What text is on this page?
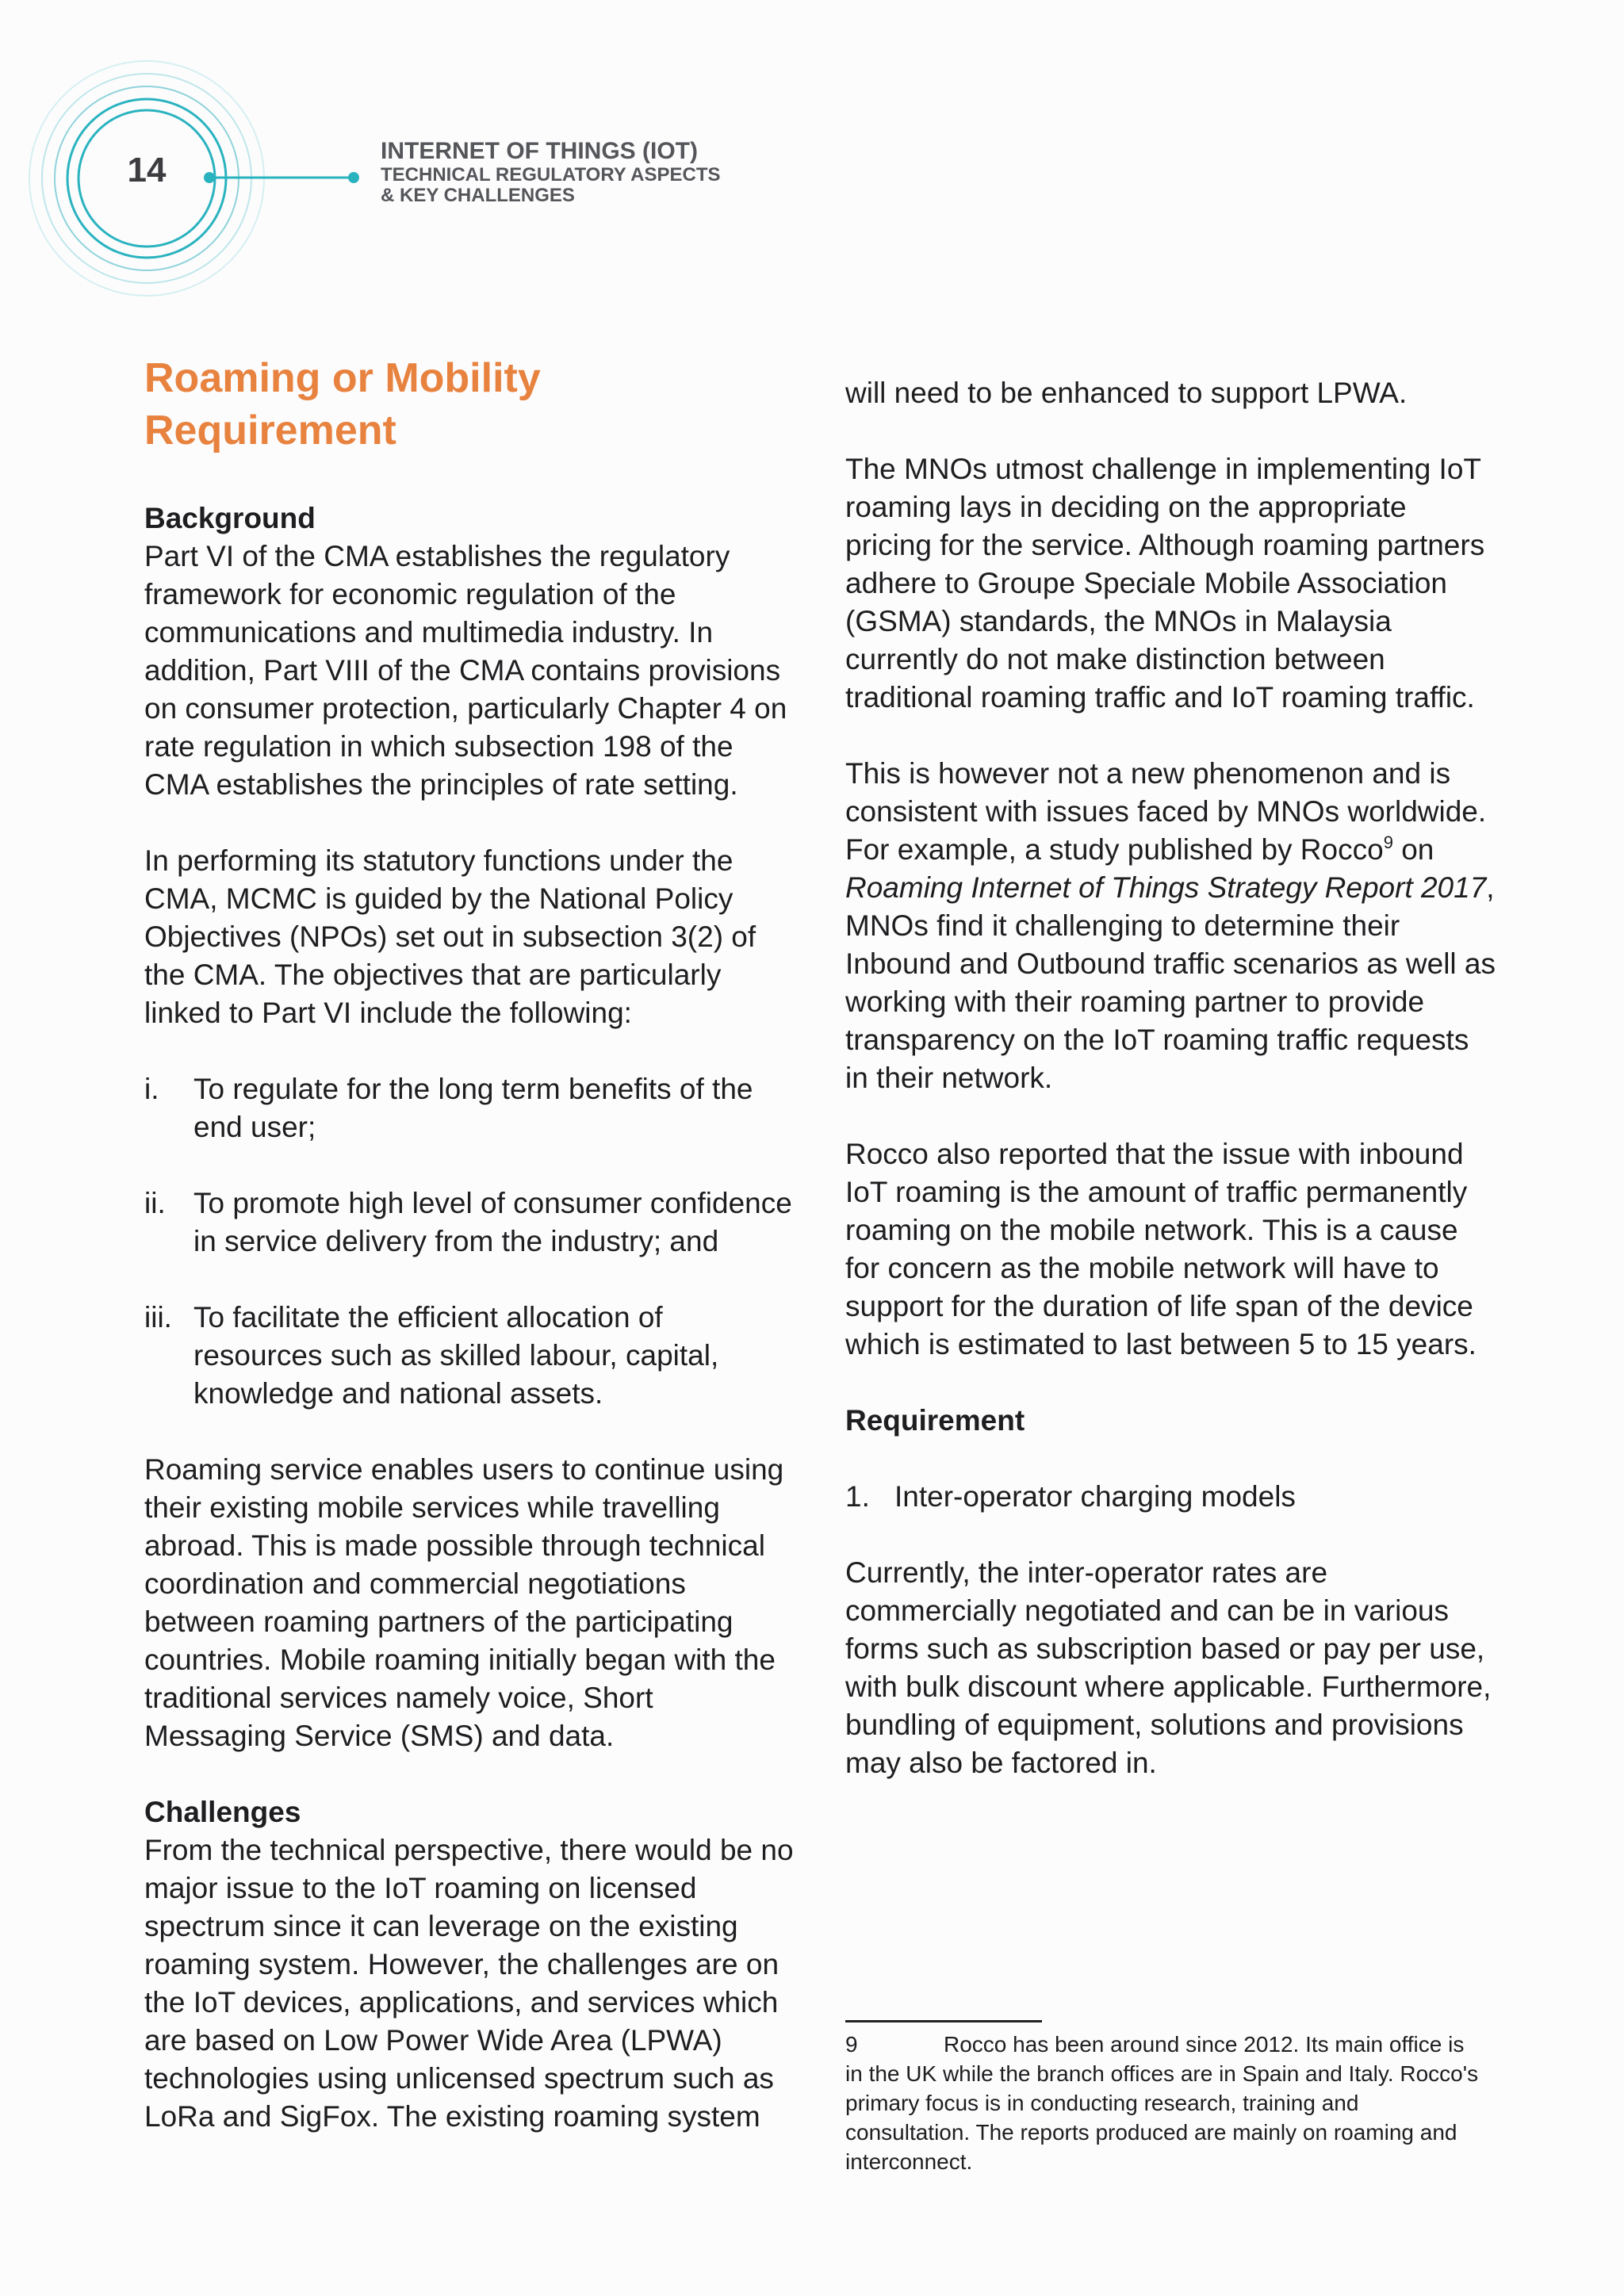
14	INTERNET OF THINGS (IOT)
TECHNICAL REGULATORY ASPECTS
& KEY CHALLENGES
Roaming or Mobility Requirement
Background

Part VI of the CMA establishes the regulatory framework for economic regulation of the communications and multimedia industry. In addition, Part VIII of the CMA contains provisions on consumer protection, particularly Chapter 4 on rate regulation in which subsection 198 of the CMA establishes the principles of rate setting.

In performing its statutory functions under the CMA, MCMC is guided by the National Policy Objectives (NPOs) set out in subsection 3(2) of the CMA. The objectives that are particularly linked to Part VI include the following:

i.	To regulate for the long term benefits of the end user;
ii. To promote high level of consumer confidence in service delivery from the industry; and
iii. To facilitate the efficient allocation of resources such as skilled labour, capital, knowledge and national assets.

Roaming service enables users to continue using their existing mobile services while travelling abroad. This is made possible through technical coordination and commercial negotiations between roaming partners of the participating countries. Mobile roaming initially began with the traditional services namely voice, Short Messaging Service (SMS) and data.

Challenges

From the technical perspective, there would be no major issue to the IoT roaming on licensed spectrum since it can leverage on the existing roaming system. However, the challenges are on the IoT devices, applications, and services which are based on Low Power Wide Area (LPWA) technologies using unlicensed spectrum such as LoRa and SigFox. The existing roaming system

will need to be enhanced to support LPWA.

The MNOs utmost challenge in implementing IoT roaming lays in deciding on the appropriate pricing for the service. Although roaming partners adhere to Groupe Speciale Mobile Association (GSMA) standards, the MNOs in Malaysia currently do not make distinction between traditional roaming traffic and IoT roaming traffic.

This is however not a new phenomenon and is consistent with issues faced by MNOs worldwide. For example, a study published by Rocco$^9$ on Roaming Internet of Things Strategy Report 2017, MNOs find it challenging to determine their Inbound and Outbound traffic scenarios as well as working with their roaming partner to provide transparency on the IoT roaming traffic requests in their network.

Rocco also reported that the issue with inbound IoT roaming is the amount of traffic permanently roaming on the mobile network. This is a cause for concern as the mobile network will have to support for the duration of life span of the device which is estimated to last between 5 to 15 years.

Requirement
1. Inter-operator charging models

Currently, the inter-operator rates are commercially negotiated and can be in various forms such as subscription based or pay per use, with bulk discount where applicable. Furthermore, bundling of equipment, solutions and provisions may also be factored in.

9	Rocco has been around since 2012. Its main office is in the UK while the branch offices are in Spain and Italy. Rocco's primary focus is in conducting research, training and consultation. The reports produced are mainly on roaming and interconnect.
